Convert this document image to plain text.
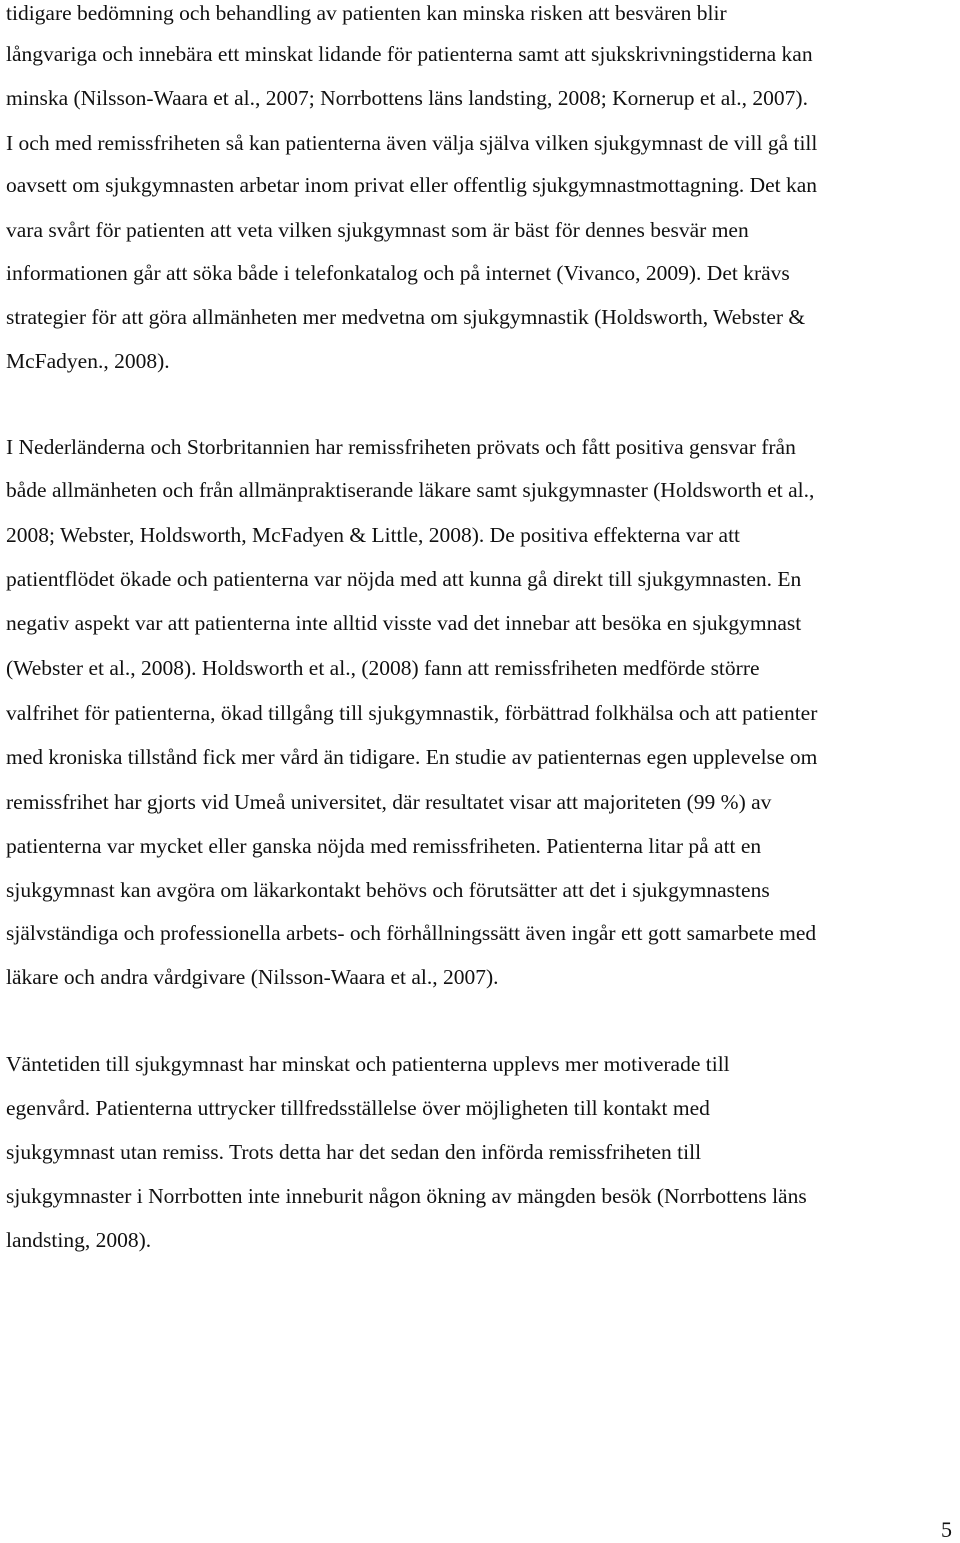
tidigare bedömning och behandling av patienten kan minska risken att besvären blir
långvariga och innebära ett minskat lidande för patienterna samt att sjukskrivningstiderna kan
minska (Nilsson-Waara et al., 2007; Norrbottens läns landsting, 2008; Kornerup et al., 2007).
I och med remissfriheten så kan patienterna även välja själva vilken sjukgymnast de vill gå till
oavsett om sjukgymnasten arbetar inom privat eller offentlig sjukgymnastmottagning. Det kan
vara svårt för patienten att veta vilken sjukgymnast som är bäst för dennes besvär men
informationen går att söka både i telefonkatalog och på internet (Vivanco, 2009). Det krävs
strategier för att göra allmänheten mer medvetna om sjukgymnastik (Holdsworth, Webster &
McFadyen., 2008).
I Nederländerna och Storbritannien har remissfriheten prövats och fått positiva gensvar från
både allmänheten och från allmänpraktiserande läkare samt sjukgymnaster (Holdsworth et al.,
2008; Webster, Holdsworth, McFadyen & Little, 2008). De positiva effekterna var att
patientflödet ökade och patienterna var nöjda med att kunna gå direkt till sjukgymnasten. En
negativ aspekt var att patienterna inte alltid visste vad det innebar att besöka en sjukgymnast
(Webster et al., 2008). Holdsworth et al., (2008) fann att remissfriheten medförde större
valfrihet för patienterna, ökad tillgång till sjukgymnastik, förbättrad folkhälsa och att patienter
med kroniska tillstånd fick mer vård än tidigare. En studie av patienternas egen upplevelse om
remissfrihet har gjorts vid Umeå universitet, där resultatet visar att majoriteten (99 %) av
patienterna var mycket eller ganska nöjda med remissfriheten. Patienterna litar på att en
sjukgymnast kan avgöra om läkarkontakt behövs och förutsätter att det i sjukgymnastens
självständiga och professionella arbets- och förhållningssätt även ingår ett gott samarbete med
läkare och andra vårdgivare (Nilsson-Waara et al., 2007).
Väntetiden till sjukgymnast har minskat och patienterna upplevs mer motiverade till
egenvård. Patienterna uttrycker tillfredsställelse över möjligheten till kontakt med
sjukgymnast utan remiss. Trots detta har det sedan den införda remissfriheten till
sjukgymnaster i Norrbotten inte inneburit någon ökning av mängden besök (Norrbottens läns
landsting, 2008).
5
